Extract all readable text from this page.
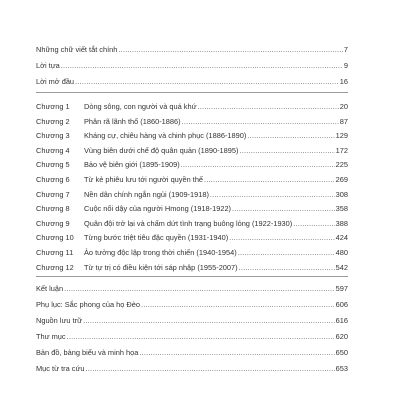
Những chữ viết tắt chính .....	7
Lời tựa .....	9
Lời mở đầu .....	16
Chương 1	Dòng sông, con người và quá khứ .....	20
Chương 2	Phân rã lãnh thổ (1860-1886) .....	87
Chương 3	Kháng cự, chiêu hàng và chinh phục (1886-1890) .....	129
Chương 4	Vùng biên dưới chế độ quân quản (1890-1895) .....	172
Chương 5	Bảo vệ biên giới (1895-1909) .....	225
Chương 6	Từ kẻ phiêu lưu tới người quyền thế .....	269
Chương 7	Nền dân chính ngắn ngủi (1909-1918) .....	308
Chương 8	Cuộc nổi dậy của người Hmong (1918-1922) .....	358
Chương 9	Quân đội trở lại và chấm dứt tình trạng buông lỏng (1922-1930) .....	388
Chương 10	Từng bước triệt tiêu đặc quyền (1931-1940) .....	424
Chương 11	Ảo tưởng độc lập trong thời chiến (1940-1954) .....	480
Chương 12	Từ tự trị có điều kiện tới sáp nhập (1955-2007) .....	542
Kết luận .....	597
Phụ lục: Sắc phong của họ Đèo .....	606
Nguồn lưu trữ .....	616
Thư mục .....	620
Bản đồ, bảng biểu và minh họa .....	650
Mục từ tra cứu .....	653
